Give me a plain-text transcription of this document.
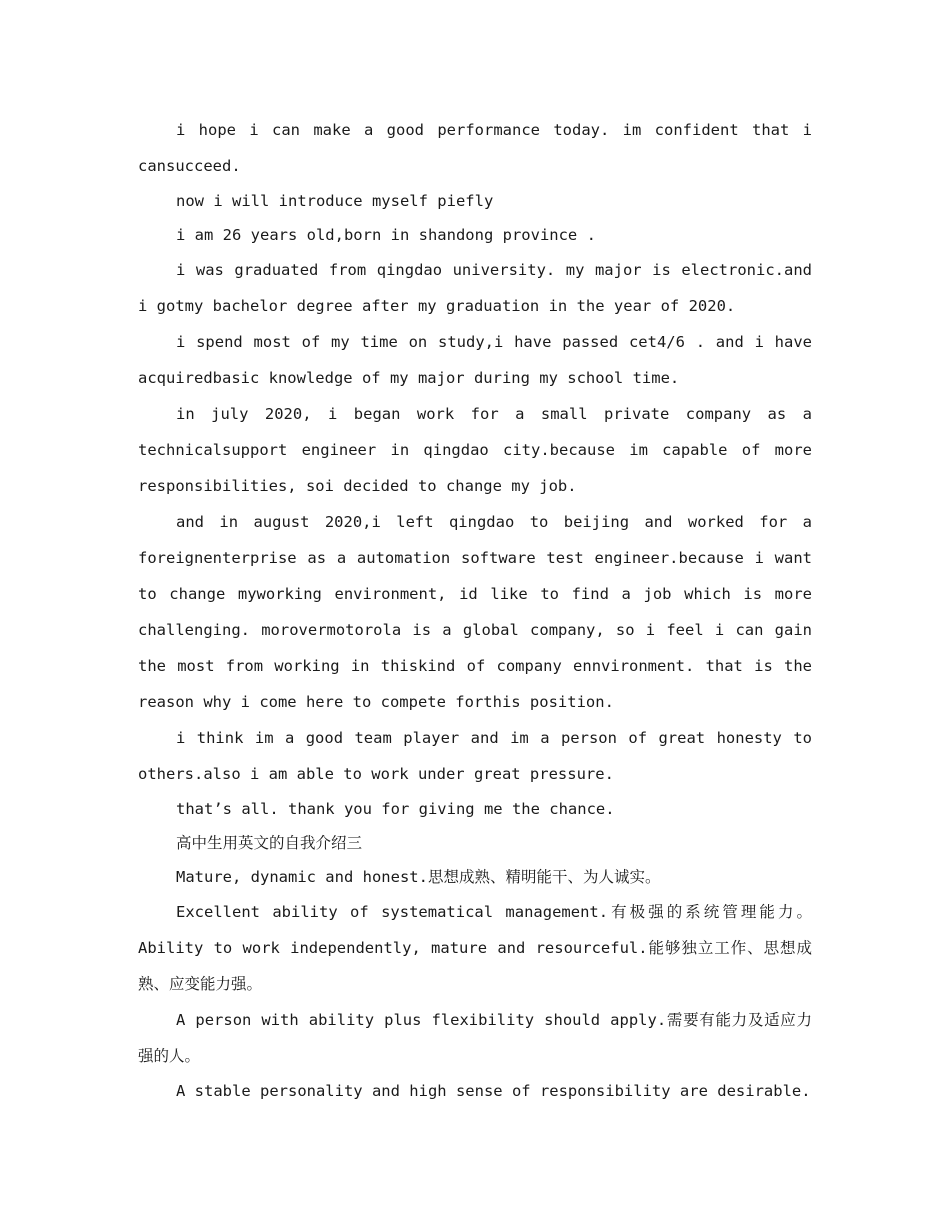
i hope i can make a good performance today. im confident that i cansucceed.

now i will introduce myself piefly

i am 26 years old,born in shandong province .

i was graduated from qingdao university. my major is electronic.and i gotmy bachelor degree after my graduation in the year of 2020.

i spend most of my time on study,i have passed cet4/6 . and i have acquiredbasic knowledge of my major during my school time.

in july 2020, i began work for a small private company as a technicalsupport engineer in qingdao city.because im capable of more responsibilities, soi decided to change my job.

and in august 2020,i left qingdao to beijing and worked for a foreignenterprise as a automation software test engineer.because i want to change myworking environment, id like to find a job which is more challenging. morovermotorola is a global company, so i feel i can gain the most from working in thiskind of company ennvironment. that is the reason why i come here to compete forthis position.

i think im a good team player and im a person of great honesty to others.also i am able to work under great pressure.

that’s all. thank you for giving me the chance.

高中生用英文的自我介绍三

Mature, dynamic and honest.思想成熟、精明能干、为人诚实。

Excellent ability of systematical management.有极强的系统管理能力。Ability to work independently, mature and resourceful.能够独立工作、思想成熟、应变能力强。

A person with ability plus flexibility should apply.需要有能力及适应力强的人。

A stable personality and high sense of responsibility are desirable.
